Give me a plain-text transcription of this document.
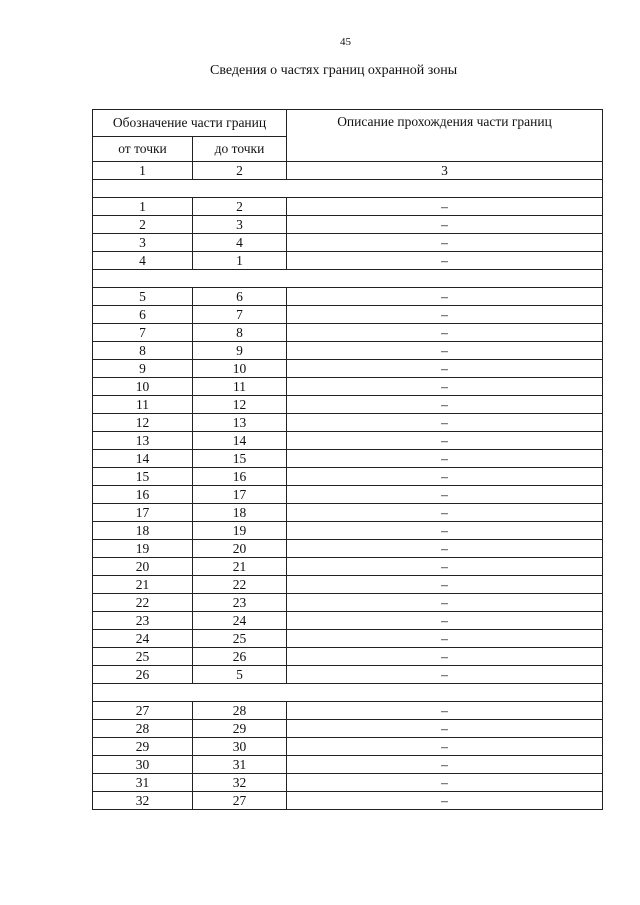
45
Сведения о частях границ охранной зоны
Обозначение части границ		Описание прохождения части границ
от точки	до точки	
1	2	3

1	2	–
2	3	–
3	4	–
4	1	–

5	6	–
6	7	–
7	8	–
8	9	–
9	10	–
10	11	–
11	12	–
12	13	–
13	14	–
14	15	–
15	16	–
16	17	–
17	18	–
18	19	–
19	20	–
20	21	–
21	22	–
22	23	–
23	24	–
24	25	–
25	26	–
26	5	–

27	28	–
28	29	–
29	30	–
30	31	–
31	32	–
32	27	–
